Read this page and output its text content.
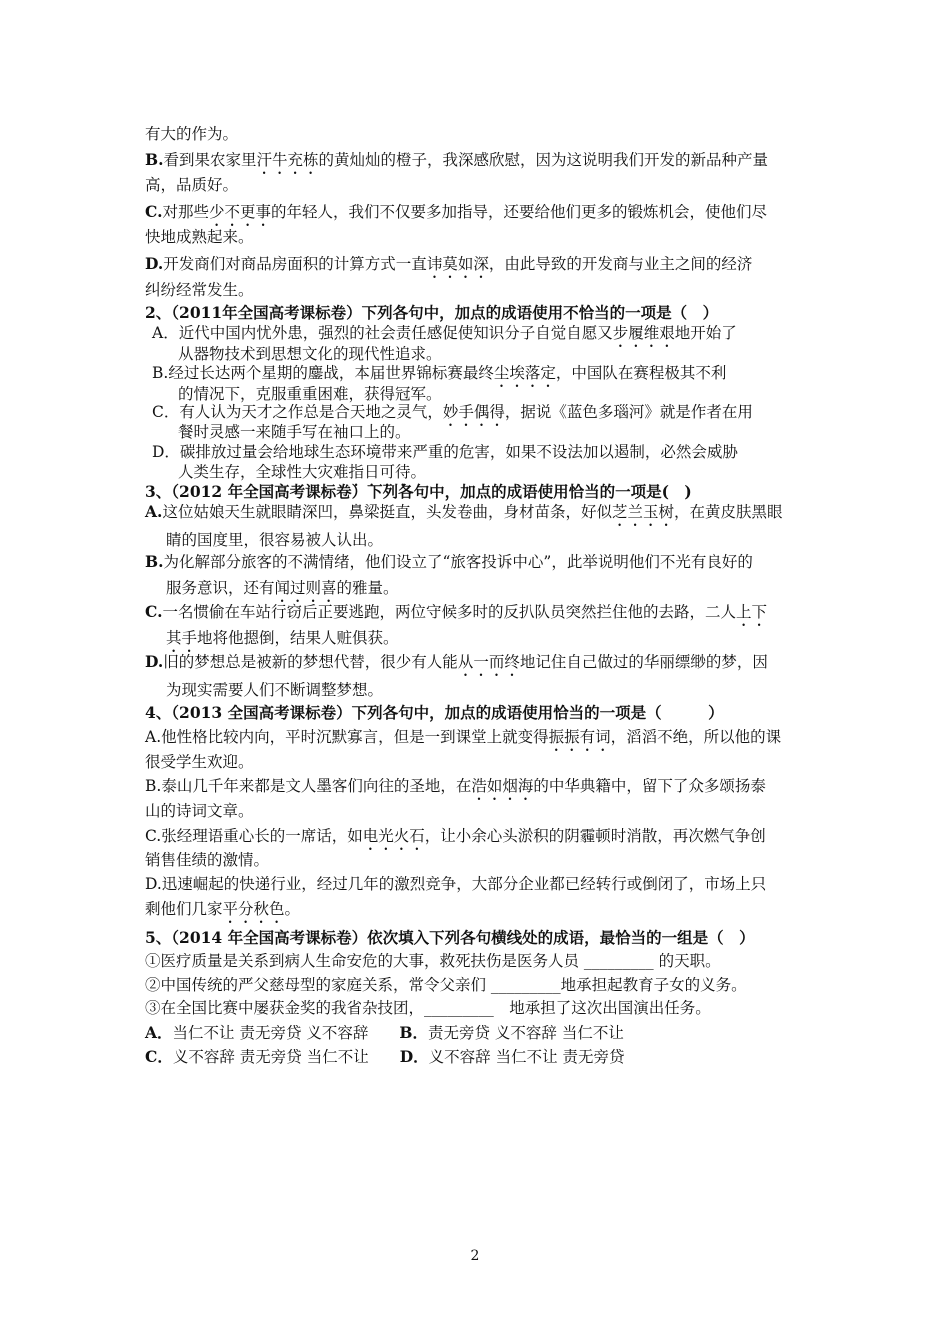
有大的作为。
B.看到果农家里汗牛充栋的黄灿灿的橙子，我深感欣慰，因为这说明我们开发的新品种产量
高，品质好。
C.对那些少不更事的年轻人，我们不仅要多加指导，还要给他们更多的锻炼机会，使他们尽
快地成熟起来。
D.开发商们对商品房面积的计算方式一直讳莫如深，由此导致的开发商与业主之间的经济
纠纷经常发生。
2、（2011年全国高考课标卷）下列各句中，加点的成语使用不恰当的一项是（　）
A．近代中国内忧外患，强烈的社会责任感促使知识分子自觉自愿又步履维艰地开始了
从器物技术到思想文化的现代性追求。
B.经过长达两个星期的鏖战，本届世界锦标赛最终尘埃落定，中国队在赛程极其不利
的情况下，克服重重困难，获得冠军。
C．有人认为天才之作总是合天地之灵气，妙手偶得，据说《蓝色多瑙河》就是作者在用
餐时灵感一来随手写在袖口上的。
D．碳排放过量会给地球生态环境带来严重的危害，如果不设法加以遏制，必然会威胁
人类生存，全球性大灾难指日可待。
3、（2012 年全国高考课标卷）下列各句中，加点的成语使用恰当的一项是(　)
A.这位姑娘天生就眼睛深凹，鼻梁挺直，头发卷曲，身材苗条，好似芝兰玉树，在黄皮肤黑眼
睛的国度里，很容易被人认出。
B.为化解部分旅客的不满情绪，他们设立了“旅客投诉中心”，此举说明他们不光有良好的
服务意识，还有闻过则喜的雅量。
C.一名惯偷在车站行窃后正要逃跑，两位守候多时的反扒队员突然拦住他的去路，二人上下
其手地将他摁倒，结果人赃俱获。
D.旧的梦想总是被新的梦想代替，很少有人能从一而终地记住自己做过的华丽缥缈的梦，因
为现实需要人们不断调整梦想。
4、（2013 全国高考课标卷）下列各句中，加点的成语使用恰当的一项是（　　　）
A.他性格比较内向，平时沉默寡言，但是一到课堂上就变得振振有词，滔滔不绝，所以他的课
很受学生欢迎。
B.泰山几千年来都是文人墨客们向往的圣地，在浩如烟海的中华典籍中，留下了众多颂扬泰
山的诗词文章。
C.张经理语重心长的一席话，如电光火石，让小余心头淤积的阴霾顿时消散，再次燃气争创
销售佳绩的激情。
D.迅速崛起的快递行业，经过几年的激烈竞争，大部分企业都已经转行或倒闭了，市场上只
剩他们几家平分秋色。
5、（2014 年全国高考课标卷）依次填入下列各句横线处的成语，最恰当的一组是（　）
①医疗质量是关系到病人生命安危的大事，救死扶伤是医务人员 _________ 的天职。
②中国传统的严父慈母型的家庭关系，常令父亲们 _________地承担起教育子女的义务。
③在全国比赛中屡获金奖的我省杂技团，_________　地承担了这次出国演出任务。
A．当仁不让 责无旁贷 义不容辞　　B．责无旁贷 义不容辞 当仁不让
C．义不容辞 责无旁贷 当仁不让　　D．义不容辞 当仁不让 责无旁贷
2
